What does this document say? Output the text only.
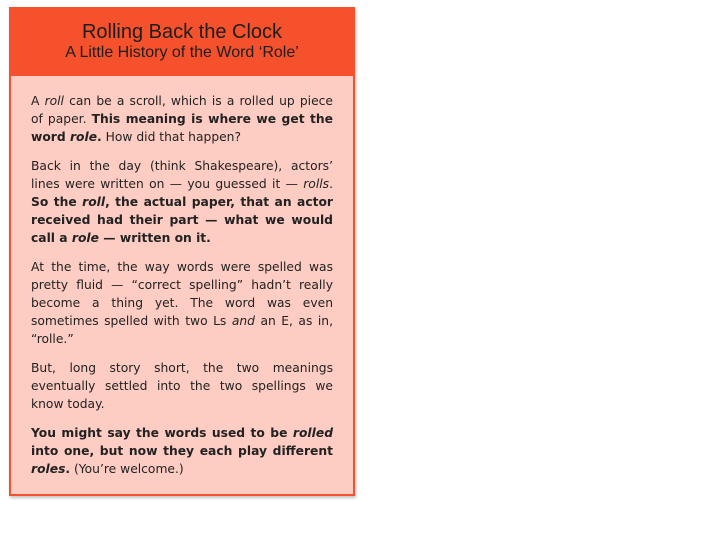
Rolling Back the Clock
A Little History of the Word ‘Role’

A roll can be a scroll, which is a rolled up piece of paper. This meaning is where we get the word role. How did that happen?

Back in the day (think Shakespeare), actors’ lines were written on — you guessed it — rolls. So the roll, the actual paper, that an actor received had their part — what we would call a role — written on it.

At the time, the way words were spelled was pretty fluid — “correct spelling” hadn’t really become a thing yet. The word was even sometimes spelled with two Ls and an E, as in, “rolle.”

But, long story short, the two meanings eventually settled into the two spellings we know today.

You might say the words used to be rolled into one, but now they each play different roles. (You’re welcome.)
